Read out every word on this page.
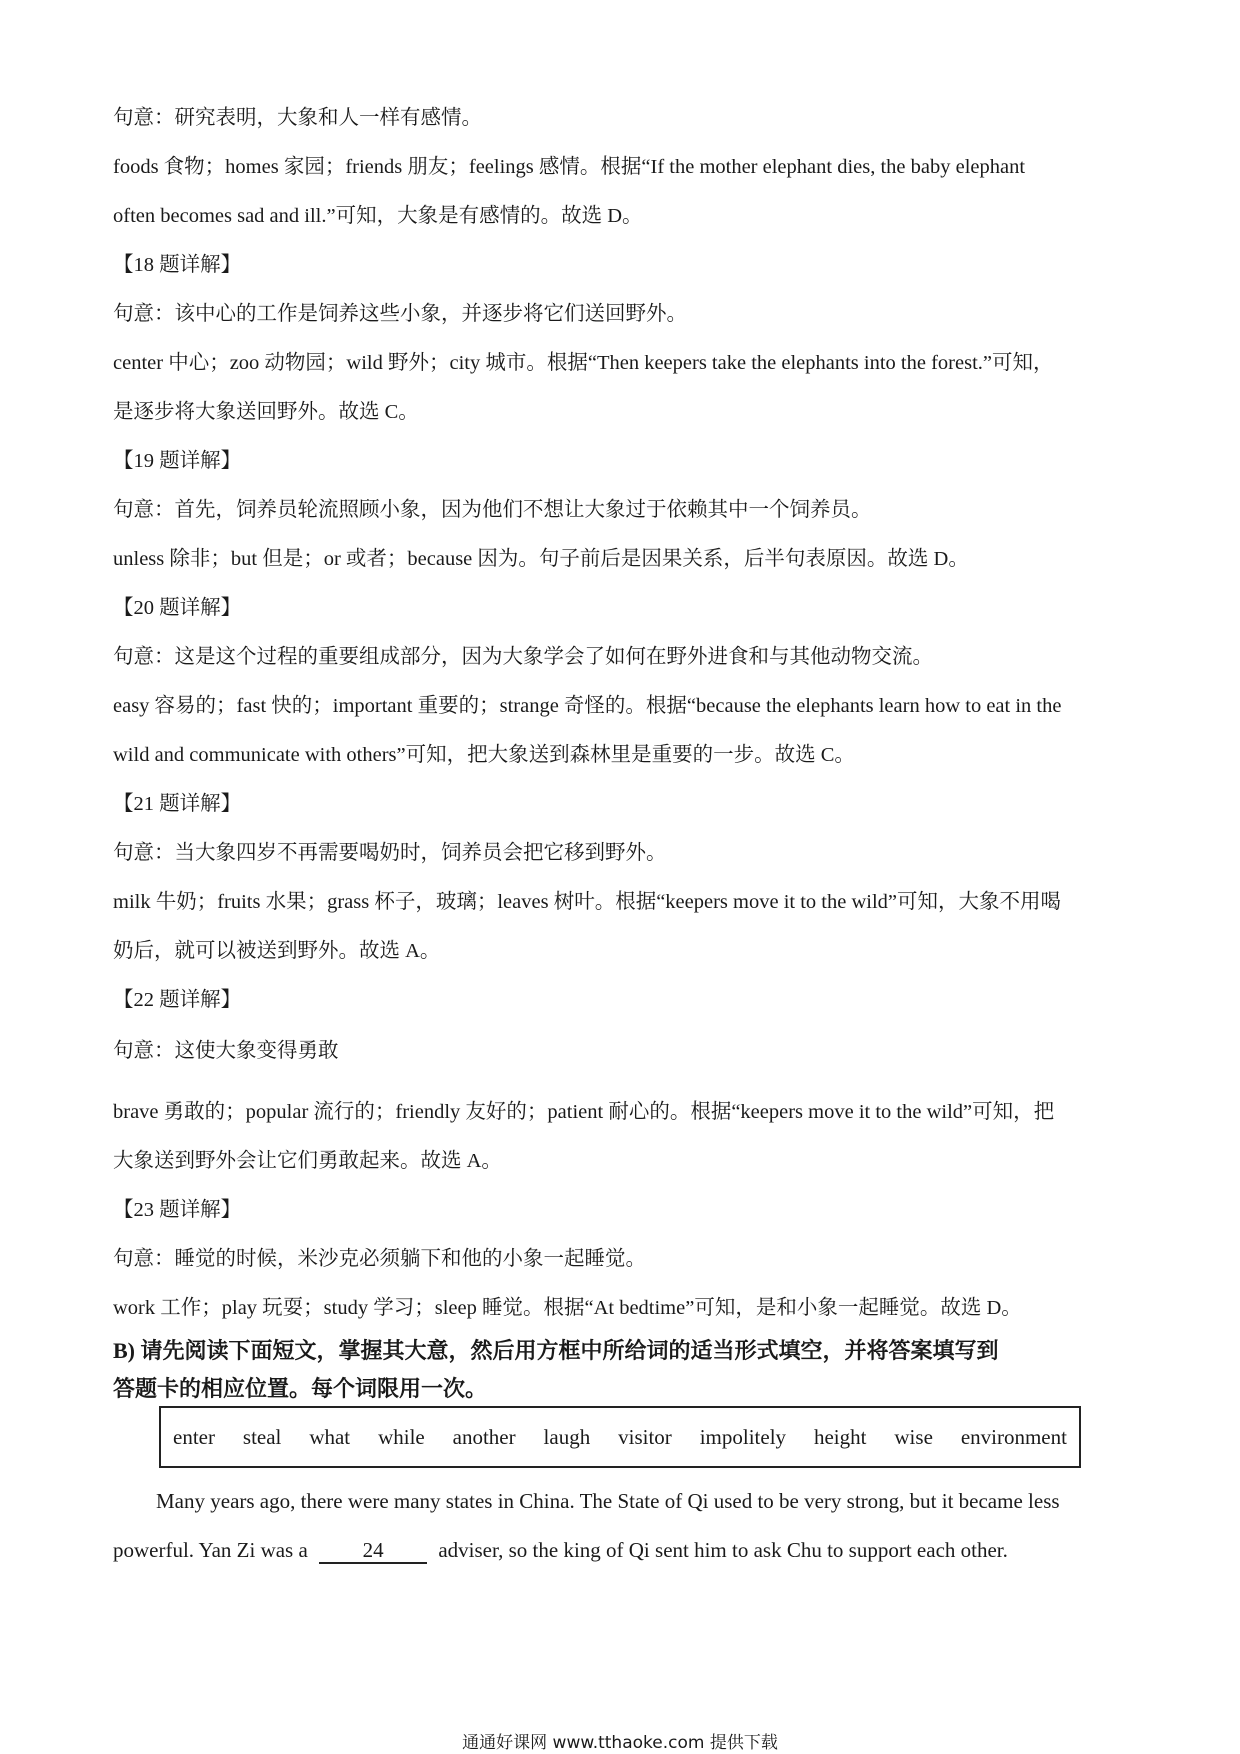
句意：研究表明，大象和人一样有感情。
foods 食物；homes 家园；friends 朋友；feelings 感情。根据“If the mother elephant dies, the baby elephant
often becomes sad and ill.”可知，大象是有感情的。故选 D。
【18 题详解】
句意：该中心的工作是饲养这些小象，并逐步将它们送回野外。
center 中心；zoo 动物园；wild 野外；city 城市。根据“Then keepers take the elephants into the forest.”可知，
是逐步将大象送回野外。故选 C。
【19 题详解】
句意：首先，饲养员轮流照顾小象，因为他们不想让大象过于依赖其中一个饲养员。
unless 除非；but 但是；or 或者；because 因为。句子前后是因果关系，后半句表原因。故选 D。
【20 题详解】
句意：这是这个过程的重要组成部分，因为大象学会了如何在野外进食和与其他动物交流。
easy 容易的；fast 快的；important 重要的；strange 奇怪的。根据“because the elephants learn how to eat in the
wild and communicate with others”可知，把大象送到森林里是重要的一步。故选 C。
【21 题详解】
句意：当大象四岁不再需要喝奶时，饲养员会把它移到野外。
milk 牛奶；fruits 水果；grass 杯子，玻璃；leaves 树叶。根据“keepers move it to the wild”可知，大象不用喝
奶后，就可以被送到野外。故选 A。
【22 题详解】
句意：这使大象变得勇敢
brave 勇敢的；popular 流行的；friendly 友好的；patient 耐心的。根据“keepers move it to the wild”可知，把
大象送到野外会让它们勇敢起来。故选 A。
【23 题详解】
句意：睡觉的时候，米沙克必须躺下和他的小象一起睡觉。
work 工作；play 玩耍；study 学习；sleep 睡觉。根据“At bedtime”可知，是和小象一起睡觉。故选 D。
B) 请先阅读下面短文，掌握其大意，然后用方框中所给词的适当形式填空，并将答案填写到
答题卡的相应位置。每个词限用一次。
enter steal what while another laugh visitor impolitely height wise environment
Many years ago, there were many states in China. The State of Qi used to be very strong, but it became less
powerful. Yan Zi was a	24	adviser, so the king of Qi sent him to ask Chu to support each other.
通通好课网 www.tthaoke.com 提供下载
